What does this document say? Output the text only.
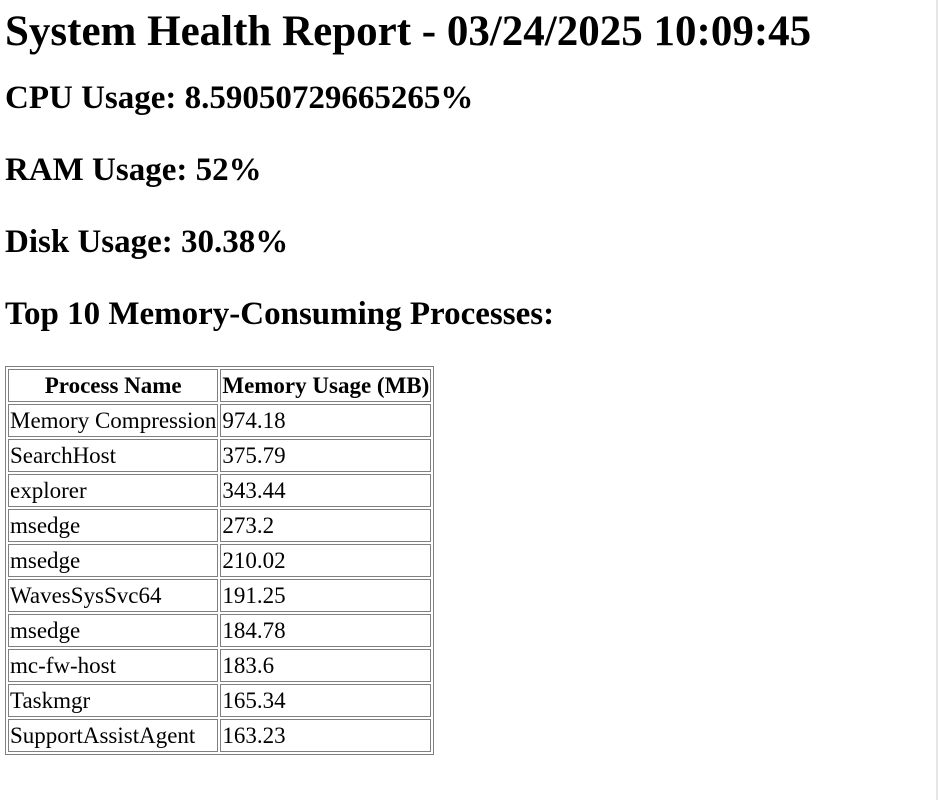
System Health Report - 03/24/2025 10:09:45
CPU Usage: 8.59050729665265%
RAM Usage: 52%
Disk Usage: 30.38%
Top 10 Memory-Consuming Processes:
Process Name	Memory Usage (MB)
Memory Compression	974.18
SearchHost	375.79
explorer	343.44
msedge	273.2
msedge	210.02
WavesSysSvc64	191.25
msedge	184.78
mc-fw-host	183.6
Taskmgr	165.34
SupportAssistAgent	163.23
